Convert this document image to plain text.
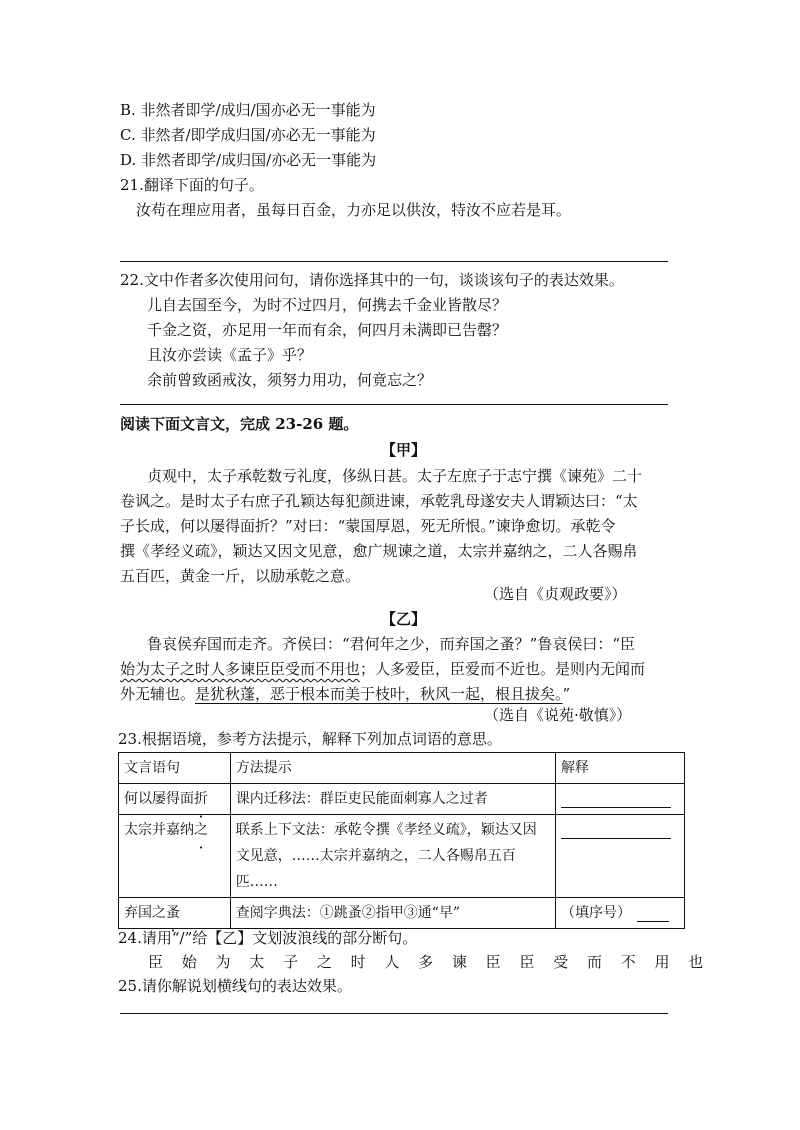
B. 非然者即学/成归/国亦必无一事能为
C. 非然者/即学成归国/亦必无一事能为
D. 非然者即学/成归国/亦必无一事能为
21.翻译下面的句子。
汝苟在理应用者，虽每日百金，力亦足以供汝，特汝不应若是耳。
22.文中作者多次使用问句，请你选择其中的一句，谈谈该句子的表达效果。
儿自去国至今，为时不过四月，何携去千金业皆散尽？
千金之资，亦足用一年而有余，何四月未满即已告罄？
且汝亦尝读《孟子》乎？
余前曾致函戒汝，须努力用功，何竟忘之？
阅读下面文言文，完成 23-26 题。
【甲】
贞观中，太子承乾数亏礼度，侈纵日甚。太子左庶子于志宁撰《谏苑》二十
卷讽之。是时太子右庶子孔颖达每犯颜进谏，承乾乳母遂安夫人谓颖达曰：“太
子长成，何以屡得面折？”对曰：“蒙国厚恩，死无所恨。”谏诤愈切。承乾令
撰《孝经义疏》，颖达又因文见意，愈广规谏之道，太宗并嘉纳之，二人各赐帛
五百匹，黄金一斤，以励承乾之意。
（选自《贞观政要》）
【乙】
鲁哀侯弃国而走齐。齐侯曰：“君何年之少，而弃国之蚤？”鲁哀侯曰：“臣
始为太子之时人多谏臣臣受而不用也；人多爱臣，臣爱而不近也。是则内无闻而
外无辅也。是犹秋蓬，恶于根本而美于枝叶，秋风一起，根且拔矣。”
（选自《说苑·敬慎》）
23.根据语境，参考方法提示，解释下列加点词语的意思。
文言语句	方法提示	解释
何以屡得面折	课内迁移法：群臣吏民能面刺寡人之过者	
太宗并嘉纳之	联系上下文法：承乾令撰《孝经义疏》，颖达又因文见意，……太宗并嘉纳之，二人各赐帛五百匹……	
弃国之蚤	查阅字典法：①跳蚤②指甲③通“早”	（填序号）
24.请用“/”给【乙】文划波浪线的部分断句。
臣 始 为 太 子 之 时 人 多 谏 臣 臣 受 而 不 用 也
25.请你解说划横线句的表达效果。
